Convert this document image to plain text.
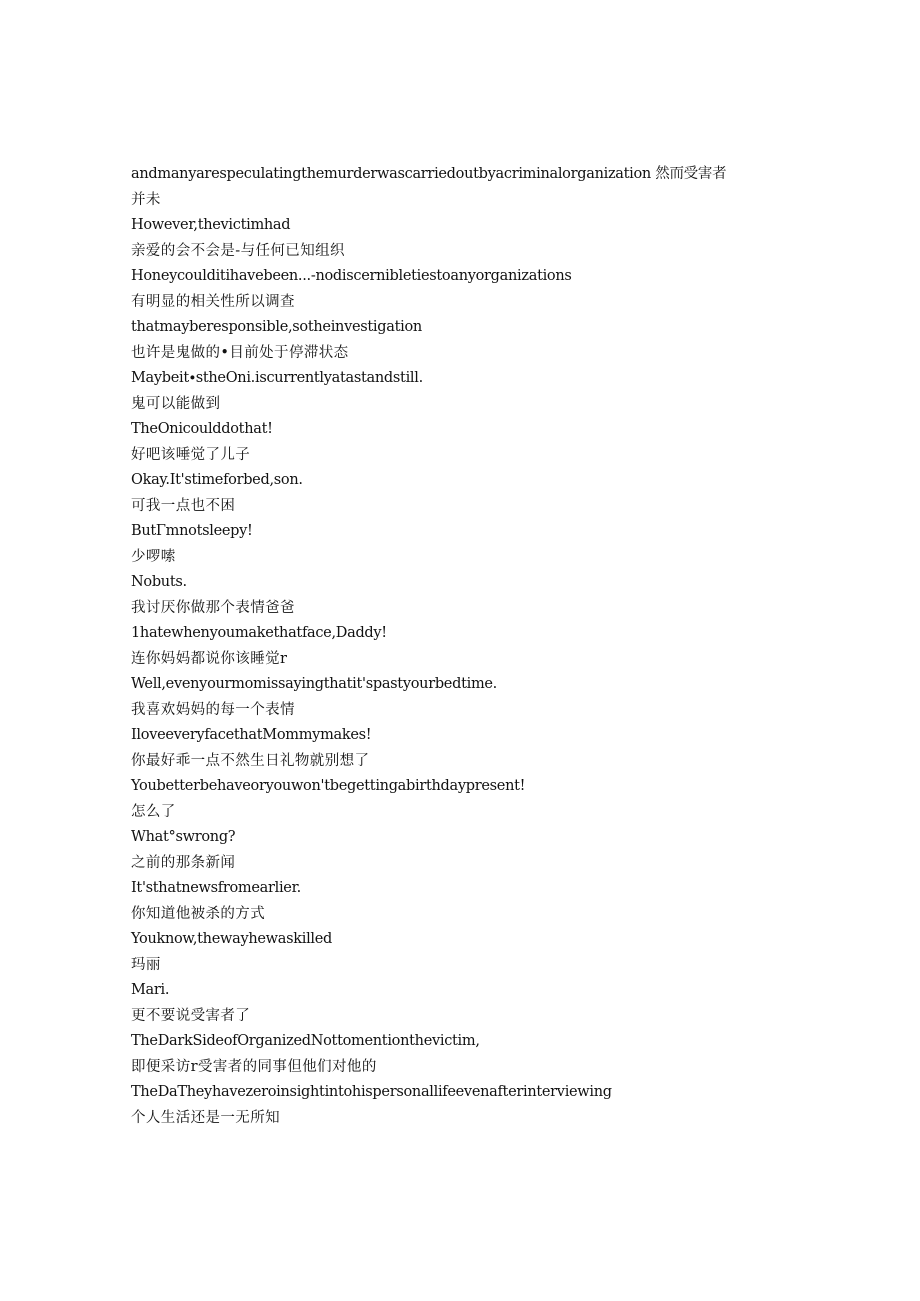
andmanyarespeculatingthemurderwascarriedoutbyacriminalorganization 然而受害者
并未
However,thevictimhad
亲爱的会不会是-与任何已知组织
Honeycoulditihavebeen...-nodiscernibletiestoanyorganizations
有明显的相关性所以调查
thatmayberesponsible,sotheinvestigation
也许是鬼做的•目前处于停滞状态
Maybeit∙stheOni.iscurrentlyatastandstill.
鬼可以能做到
TheOnicoulddothat!
好吧该唾觉了儿子
Okay.It'stimeforbed,son.
可我一点也不困
ButΓmnotsleepy!
少啰嗦
Nobuts.
我讨厌你做那个表情爸爸
1hatewhenyoumakethatface,Daddy!
连你妈妈都说你该睡觉r
Well,evenyourmomissayingthatit'spastyourbedtime.
我喜欢妈妈的每一个表情
IloveeveryfacethatMommymakes!
你最好乖一点不然生日礼物就别想了
Youbetterbehaveoryouwon'tbegettingabirthdaypresent!
怎么了
What°swrong?
之前的那条新闻
It'sthatnewsfromearlier.
你知道他被杀的方式
Youknow,thewayhewaskilled
玛丽
Mari.
更不要说受害者了
TheDarkSideofOrganizedNottomentionthevictim,
即便采访r受害者的同事但他们对他的
TheDaTheyhavezeroinsightintohispersonallifeevenafterinterviewing
个人生活还是一无所知
